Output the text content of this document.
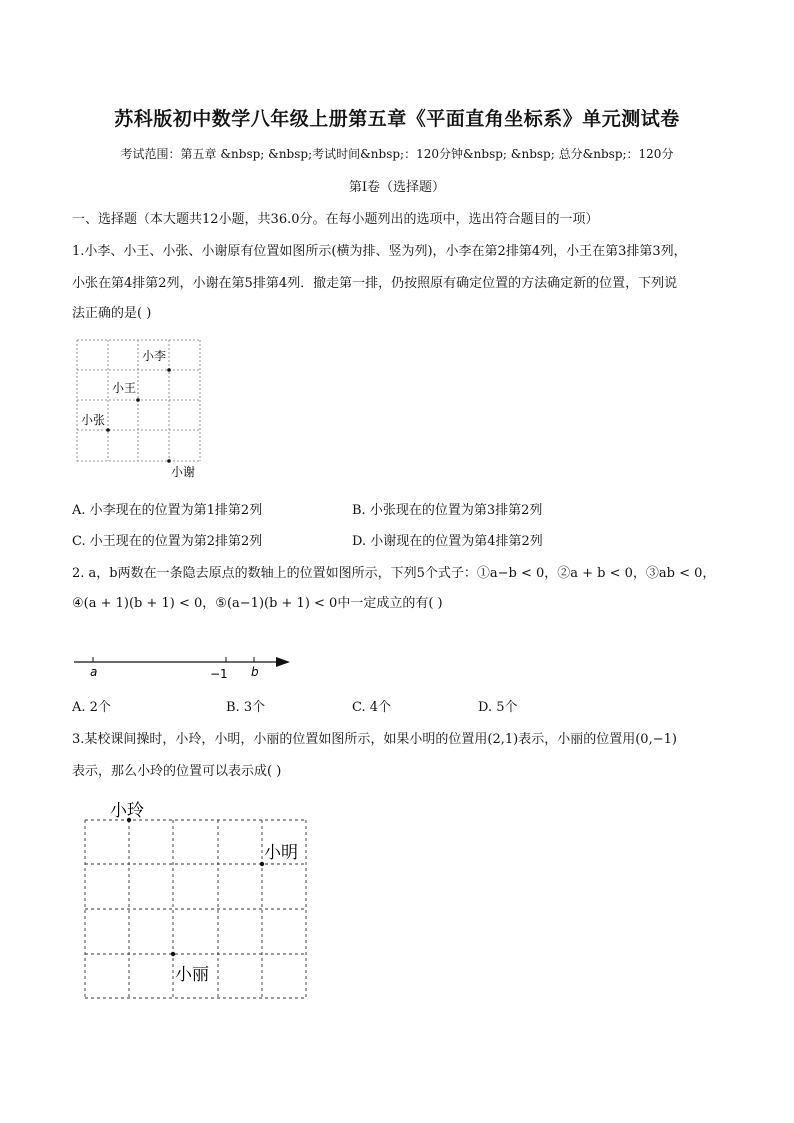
苏科版初中数学八年级上册第五章《平面直角坐标系》单元测试卷
考试范围：第五章 &nbsp; &nbsp;考试时间&nbsp;：120分钟&nbsp; &nbsp; 总分&nbsp;：120分
第I卷（选择题）
一、选择题（本大题共12小题，共36.0分。在每小题列出的选项中，选出符合题目的一项）
1.小李、小王、小张、小谢原有位置如图所示(横为排、竖为列)，小李在第2排第4列，小王在第3排第3列，
小张在第4排第2列，小谢在第5排第4列．撤走第一排，仍按照原有确定位置的方法确定新的位置，下列说
法正确的是( )
小李
小王
小张
小谢
A. 小李现在的位置为第1排第2列	B. 小张现在的位置为第3排第2列
C. 小王现在的位置为第2排第2列	D. 小谢现在的位置为第4排第2列
2. a，b两数在一条隐去原点的数轴上的位置如图所示，下列5个式子：①a−b < 0，②a + b < 0，③ab < 0，
④(a + 1)(b + 1) < 0，⑤(a−1)(b + 1) < 0中一定成立的有( )
a	−1 b
A. 2个	B. 3个	C. 4个	D. 5个
3.某校课间操时，小玲，小明，小丽的位置如图所示，如果小明的位置用(2,1)表示，小丽的位置用(0,−1)
表示，那么小玲的位置可以表示成( )
小玲
小明
小丽
